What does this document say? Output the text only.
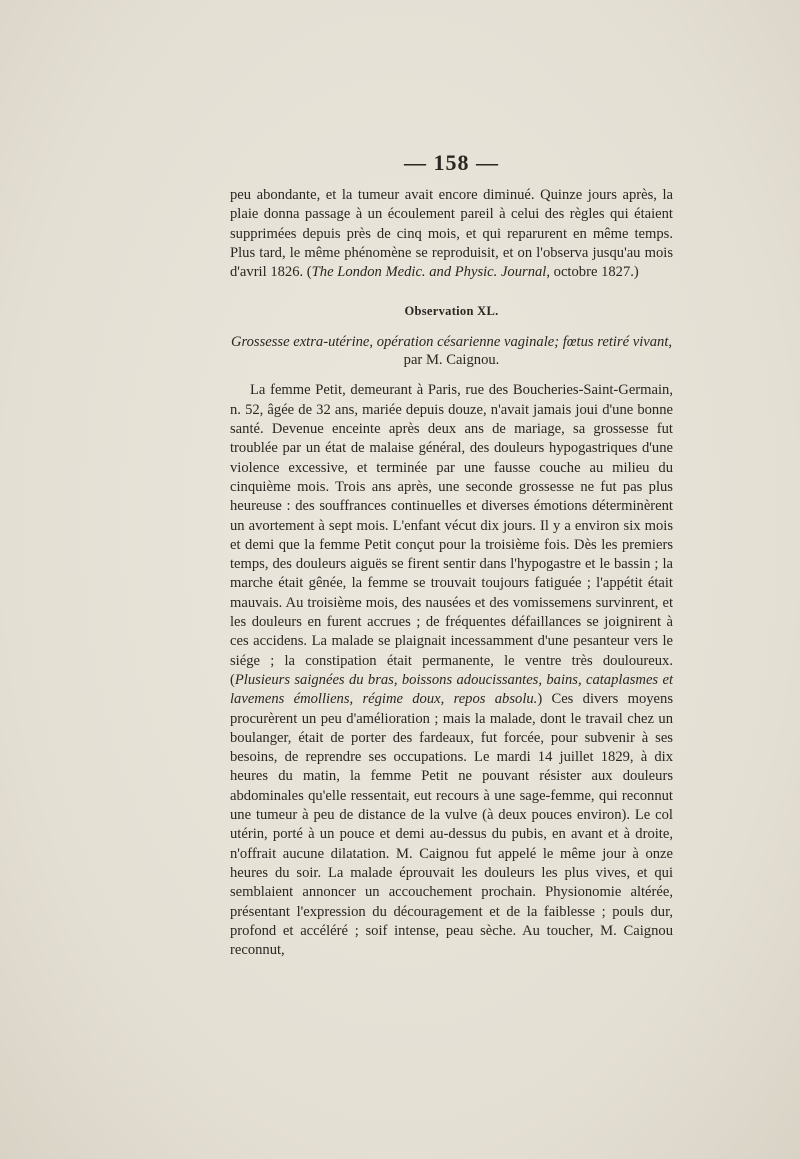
— 158 —

peu abondante, et la tumeur avait encore diminué. Quinze jours après, la plaie donna passage à un écoulement pareil à celui des règles qui étaient supprimées depuis près de cinq mois, et qui reparurent en même temps. Plus tard, le même phénomène se reproduisit, et on l'observa jusqu'au mois d'avril 1826. (The London Medic. and Physic. Journal, octobre 1827.)

Observation XL.
Grossesse extra-utérine, opération césarienne vaginale; fœtus retiré vivant, par M. Caignou.

La femme Petit, demeurant à Paris, rue des Boucheries-Saint-Germain, n. 52, âgée de 32 ans, mariée depuis douze, n'avait jamais joui d'une bonne santé. Devenue enceinte après deux ans de mariage, sa grossesse fut troublée par un état de malaise général, des douleurs hypogastriques d'une violence excessive, et terminée par une fausse couche au milieu du cinquième mois. Trois ans après, une seconde grossesse ne fut pas plus heureuse : des souffrances continuelles et diverses émotions déterminèrent un avortement à sept mois. L'enfant vécut dix jours. Il y a environ six mois et demi que la femme Petit conçut pour la troisième fois. Dès les premiers temps, des douleurs aiguës se firent sentir dans l'hypogastre et le bassin ; la marche était gênée, la femme se trouvait toujours fatiguée ; l'appétit était mauvais. Au troisième mois, des nausées et des vomissemens survinrent, et les douleurs en furent accrues ; de fréquentes défaillances se joignirent à ces accidens. La malade se plaignait incessamment d'une pesanteur vers le siége ; la constipation était permanente, le ventre très douloureux. (Plusieurs saignées du bras, boissons adoucissantes, bains, cataplasmes et lavemens émolliens, régime doux, repos absolu.) Ces divers moyens procurèrent un peu d'amélioration ; mais la malade, dont le travail chez un boulanger, était de porter des fardeaux, fut forcée, pour subvenir à ses besoins, de reprendre ses occupations. Le mardi 14 juillet 1829, à dix heures du matin, la femme Petit ne pouvant résister aux douleurs abdominales qu'elle ressentait, eut recours à une sage-femme, qui reconnut une tumeur à peu de distance de la vulve (à deux pouces environ). Le col utérin, porté à un pouce et demi au-dessus du pubis, en avant et à droite, n'offrait aucune dilatation. M. Caignou fut appelé le même jour à onze heures du soir. La malade éprouvait les douleurs les plus vives, et qui semblaient annoncer un accouchement prochain. Physionomie altérée, présentant l'expression du découragement et de la faiblesse ; pouls dur, profond et accéléré ; soif intense, peau sèche. Au toucher, M. Caignou reconnut,
